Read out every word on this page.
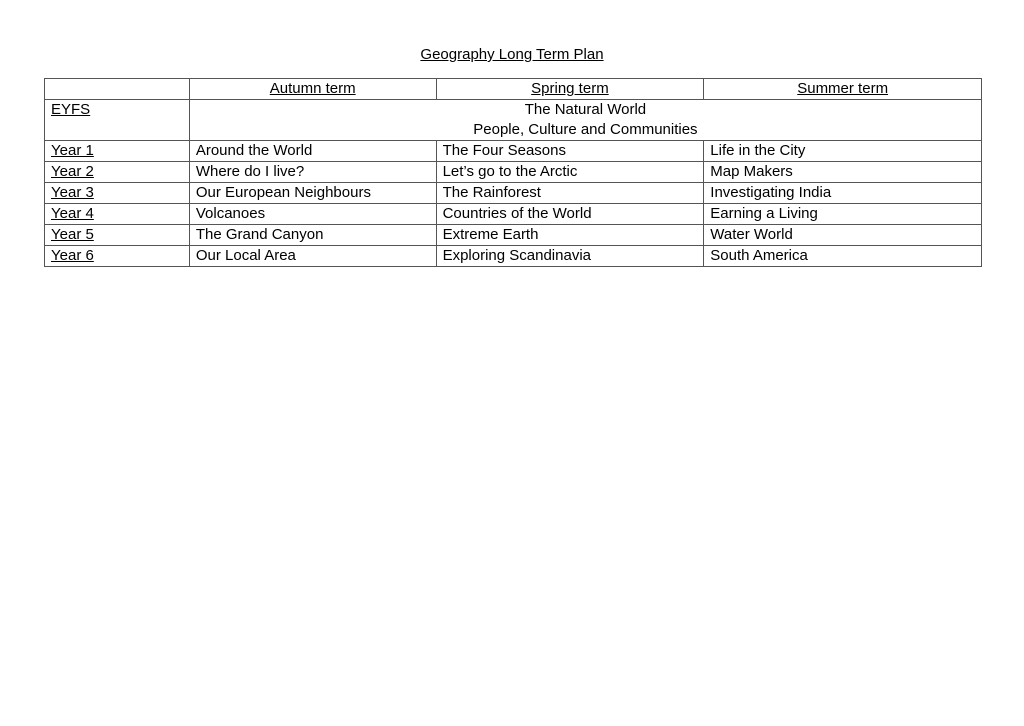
Geography Long Term Plan
	Autumn term	Spring term	Summer term
EYFS	The Natural World
People, Culture and Communities		

Year 1	Around the World	The Four Seasons	Life in the City
Year 2	Where do I live?	Let’s go to the Arctic	Map Makers
Year 3	Our European Neighbours	The Rainforest	Investigating India
Year 4	Volcanoes	Countries of the World	Earning a Living
Year 5	The Grand Canyon	Extreme Earth	Water World
Year 6	Our Local Area	Exploring Scandinavia	South America
